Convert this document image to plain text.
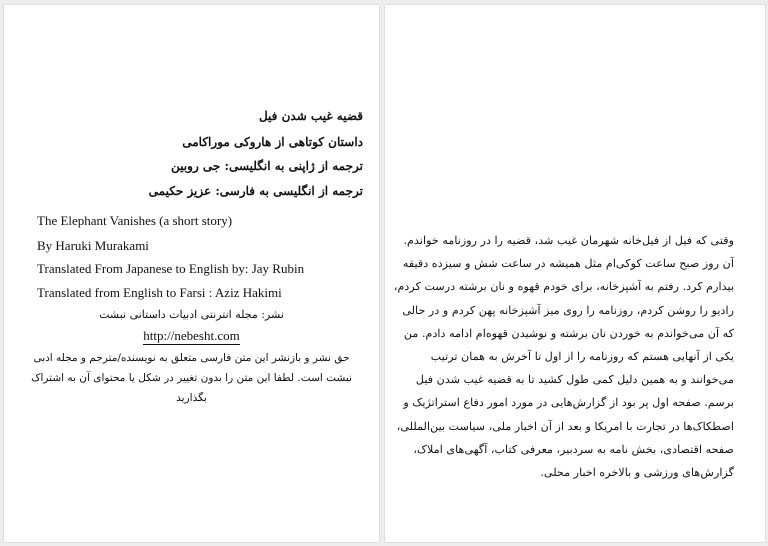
قضیه غیب شدن فیل
داستان کوتاهی از هاروکی موراکامی
ترجمه از ژاپنی به انگلیسی: جی روبین
ترجمه از انگلیسی به فارسی: عزیز حکیمی
The Elephant Vanishes (a short story)
By Haruki Murakami
Translated From Japanese to English by: Jay Rubin
Translated from English to Farsi : Aziz Hakimi
نشر: مجله انترنتی ادبیات داستانی نبشت
http://nebesht.com
حق نشر و بازنشر این متن فارسی متعلق به نویسنده/مترجم و مجله ادبی
نبشت است. لطفا این متن را بدون تغییر در شکل یا محتوای آن به اشتراک
بگذارید
وقتی که فیل از فیل‌خانه شهرمان غیب شد، قضیه را در روزنامه خواندم.
آن روز صبح ساعت کوکی‌ام مثل همیشه در ساعت شش و سیزده دقیقه
بیدارم کرد. رفتم به آشپزخانه، برای خودم قهوه و نان برشته درست کردم،
رادیو را روشن کردم، روزنامه را روی میز آشپزخانه پهن کردم و در حالی
که آن می‌خواندم به خوردن نان برشته و نوشیدن قهوه‌ام ادامه دادم. من
یکی از آنهایی هستم که روزنامه را از اول تا آخرش به همان ترتیب
می‌خوانند و به همین دلیل کمی طول کشید تا به قضیه غیب شدن فیل
برسم. صفحه اول پر بود از گزارش‌هایی در مورد امور دفاع استراتژیک و
اصطکاک‌ها در تجارت با امریکا و بعد از آن اخبار ملی، سیاست بین‌المللی،
صفحه اقتصادی، بخش نامه به سردبیر، معرفی کتاب، آگهی‌های املاک،
گزارش‌های ورزشی و بالاخره اخبار محلی.
